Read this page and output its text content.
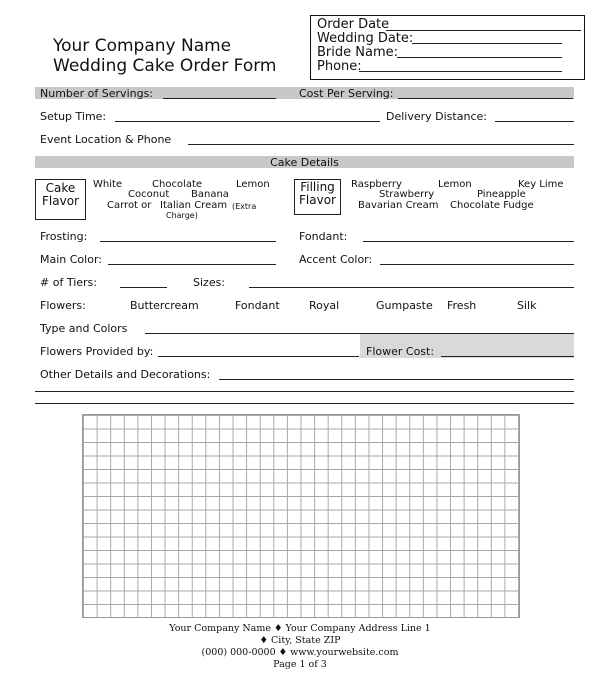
Your Company Name
Wedding Cake Order Form
Order Date
Wedding Date:
Bride Name:
Phone:
Number of Servings:	Cost Per Serving:
Setup Time:	Delivery Distance:
Event Location & Phone
Cake Details
Cake
Flavor
White	Chocolate	Lemon
Coconut Banana
Carrot or Italian Cream (Extra
Charge)
Filling
Flavor
Raspberry	Lemon	Key Lime
Strawberry	Pineapple
Bavarian Cream Chocolate Fudge
Frosting:	Fondant:
Main Color:	Accent Color:
# of Tiers:	Sizes:
Flowers:	Buttercream	Fondant	Royal	Gumpaste Fresh	Silk
Type and Colors
Flowers Provided by:	Flower Cost:
Other Details and Decorations:
Your Company Name ♦ Your Company Address Line 1
♦ City, State ZIP
(000) 000-0000 ♦ www.yourwebsite.com
Page 1 of 3
